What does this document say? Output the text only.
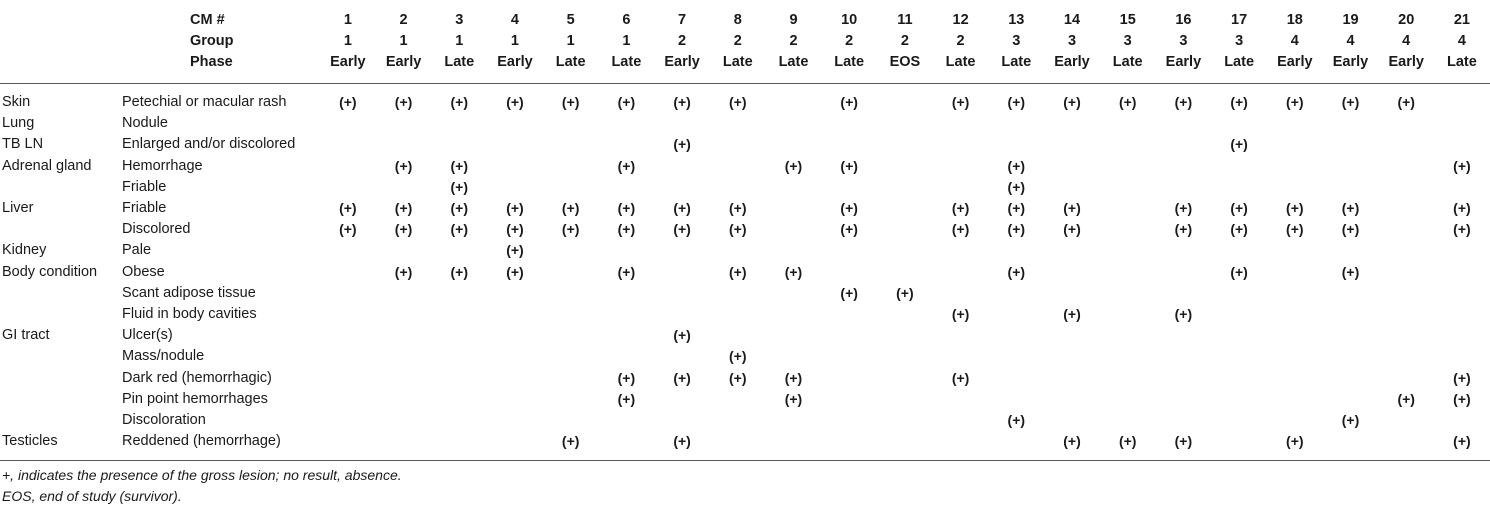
CM #		1	2	3	4	5	6	7	8	9	10	11	12	13	14	15	16	17	18	19	20	21
Group		1	1	1	1	1	1	2	2	2	2	2	2	3	3	3	3	3	4	4	4	4
Phase		Early	Early	Late	Early	Late	Late	Early	Late	Late	Late	EOS	Late	Late	Early	Late	Early	Late	Early	Early	Early	Late
Skin	Petechial or macular rash	(+)	(+)	(+)	(+)	(+)	(+)	(+)	(+)		(+)		(+)	(+)	(+)	(+)	(+)	(+)	(+)	(+)	(+)	
Lung	Nodule																					
TB LN	Enlarged and/or discolored							(+)										(+)				
Adrenal gland	Hemorrhage		(+)	(+)			(+)			(+)	(+)			(+)								(+)
	Friable			(+)										(+)								
Liver	Friable	(+)	(+)	(+)	(+)	(+)	(+)	(+)	(+)		(+)		(+)	(+)	(+)		(+)	(+)	(+)	(+)		(+)
	Discolored	(+)	(+)	(+)	(+)	(+)	(+)	(+)	(+)		(+)		(+)	(+)	(+)		(+)	(+)	(+)	(+)		(+)
Kidney	Pale				(+)																	
Body condition	Obese		(+)	(+)	(+)		(+)		(+)	(+)				(+)				(+)		(+)		
	Scant adipose tissue										(+)	(+)										
	Fluid in body cavities												(+)		(+)		(+)					
GI tract	Ulcer(s)							(+)														
	Mass/nodule								(+)													
	Dark red (hemorrhagic)						(+)	(+)	(+)	(+)			(+)									(+)
	Pin point hemorrhages						(+)			(+)											(+)	(+)
	Discoloration													(+)						(+)		
Testicles	Reddened (hemorrhage)					(+)		(+)							(+)	(+)	(+)		(+)			(+)
+, indicates the presence of the gross lesion; no result, absence.
EOS, end of study (survivor).
